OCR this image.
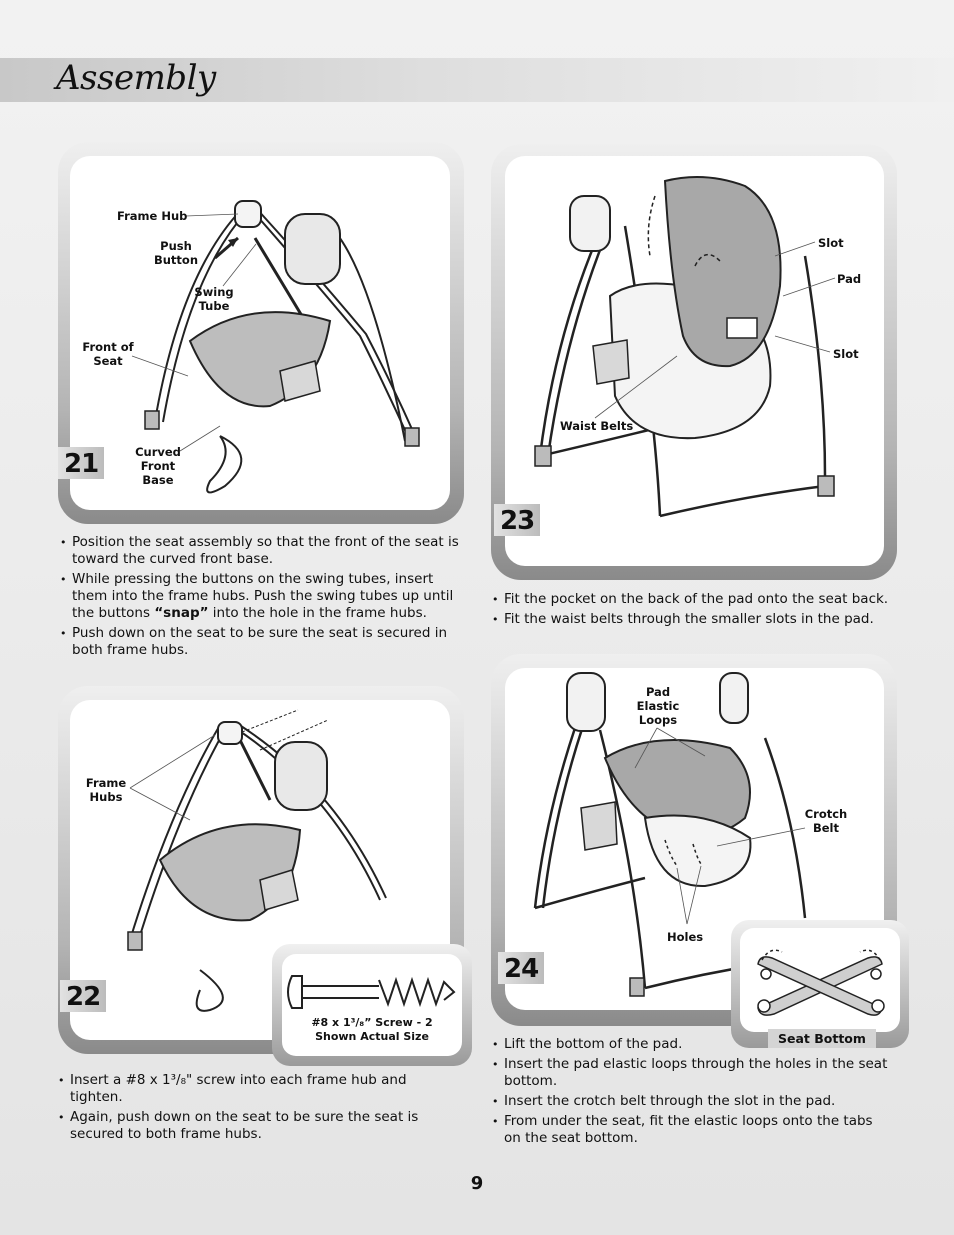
Assembly
Frame Hub
Push Button
Swing Tube
Front of Seat
Curved Front Base
21
• Position the seat assembly so that the front of the seat is toward the curved front base.
• While pressing the buttons on the swing tubes, insert them into the frame hubs. Push the swing tubes up until the buttons “snap” into the hole in the frame hubs.
• Push down on the seat to be sure the seat is secured in both frame hubs.
Frame Hubs
22
#8 x 1³/₈” Screw - 2
Shown Actual Size
• Insert a #8 x 1³/₈" screw into each frame hub and tighten.
• Again, push down on the seat to be sure the seat is secured to both frame hubs.
Slot
Pad
Slot
Waist Belts
23
• Fit the pocket on the back of the pad onto the seat back.
• Fit the waist belts through the smaller slots in the pad.
Pad Elastic Loops
Crotch Belt
Holes
24
Seat Bottom
• Lift the bottom of the pad.
• Insert the pad elastic loops through the holes in the seat bottom.
• Insert the crotch belt through the slot in the pad.
• From under the seat, fit the elastic loops onto the tabs on the seat bottom.
9
